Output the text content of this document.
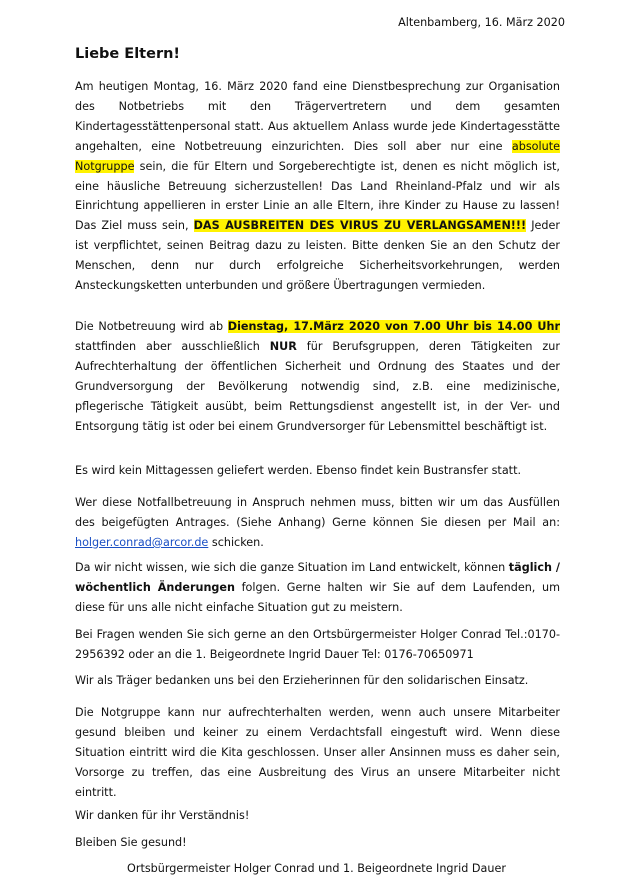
Altenbamberg, 16. März 2020
Liebe Eltern!

Am heutigen Montag, 16. März 2020 fand eine Dienstbesprechung zur Organisation des Notbetriebs mit den Trägervertretern und dem gesamten Kindertagesstättenpersonal statt. Aus aktuellem Anlass wurde jede Kindertagesstätte angehalten, eine Notbetreuung einzurichten. Dies soll aber nur eine absolute Notgruppe sein, die für Eltern und Sorgeberechtigte ist, denen es nicht möglich ist, eine häusliche Betreuung sicherzustellen! Das Land Rheinland-Pfalz und wir als Einrichtung appellieren in erster Linie an alle Eltern, ihre Kinder zu Hause zu lassen! Das Ziel muss sein, DAS AUSBREITEN DES VIRUS ZU VERLANGSAMEN!!! Jeder ist verpflichtet, seinen Beitrag dazu zu leisten. Bitte denken Sie an den Schutz der Menschen, denn nur durch erfolgreiche Sicherheitsvorkehrungen, werden Ansteckungsketten unterbunden und größere Übertragungen vermieden.

Die Notbetreuung wird ab Dienstag, 17.März 2020 von 7.00 Uhr bis 14.00 Uhr stattfinden aber ausschließlich NUR für Berufsgruppen, deren Tätigkeiten zur Aufrechterhaltung der öffentlichen Sicherheit und Ordnung des Staates und der Grundversorgung der Bevölkerung notwendig sind, z.B. eine medizinische, pflegerische Tätigkeit ausübt, beim Rettungsdienst angestellt ist, in der Ver- und Entsorgung tätig ist oder bei einem Grundversorger für Lebensmittel beschäftigt ist.

Es wird kein Mittagessen geliefert werden. Ebenso findet kein Bustransfer statt.

Wer diese Notfallbetreuung in Anspruch nehmen muss, bitten wir um das Ausfüllen des beigefügten Antrages. (Siehe Anhang) Gerne können Sie diesen per Mail an: holger.conrad@arcor.de schicken.

Da wir nicht wissen, wie sich die ganze Situation im Land entwickelt, können täglich / wöchentlich Änderungen folgen. Gerne halten wir Sie auf dem Laufenden, um diese für uns alle nicht einfache Situation gut zu meistern.

Bei Fragen wenden Sie sich gerne an den Ortsbürgermeister Holger Conrad Tel.:0170-2956392 oder an die 1. Beigeordnete Ingrid Dauer Tel: 0176-70650971

Wir als Träger bedanken uns bei den Erzieherinnen für den solidarischen Einsatz.

Die Notgruppe kann nur aufrechterhalten werden, wenn auch unsere Mitarbeiter gesund bleiben und keiner zu einem Verdachtsfall eingestuft wird. Wenn diese Situation eintritt wird die Kita geschlossen. Unser aller Ansinnen muss es daher sein, Vorsorge zu treffen, das eine Ausbreitung des Virus an unsere Mitarbeiter nicht eintritt.

Wir danken für ihr Verständnis!

Bleiben Sie gesund!

Ortsbürgermeister Holger Conrad und 1. Beigeordnete Ingrid Dauer
